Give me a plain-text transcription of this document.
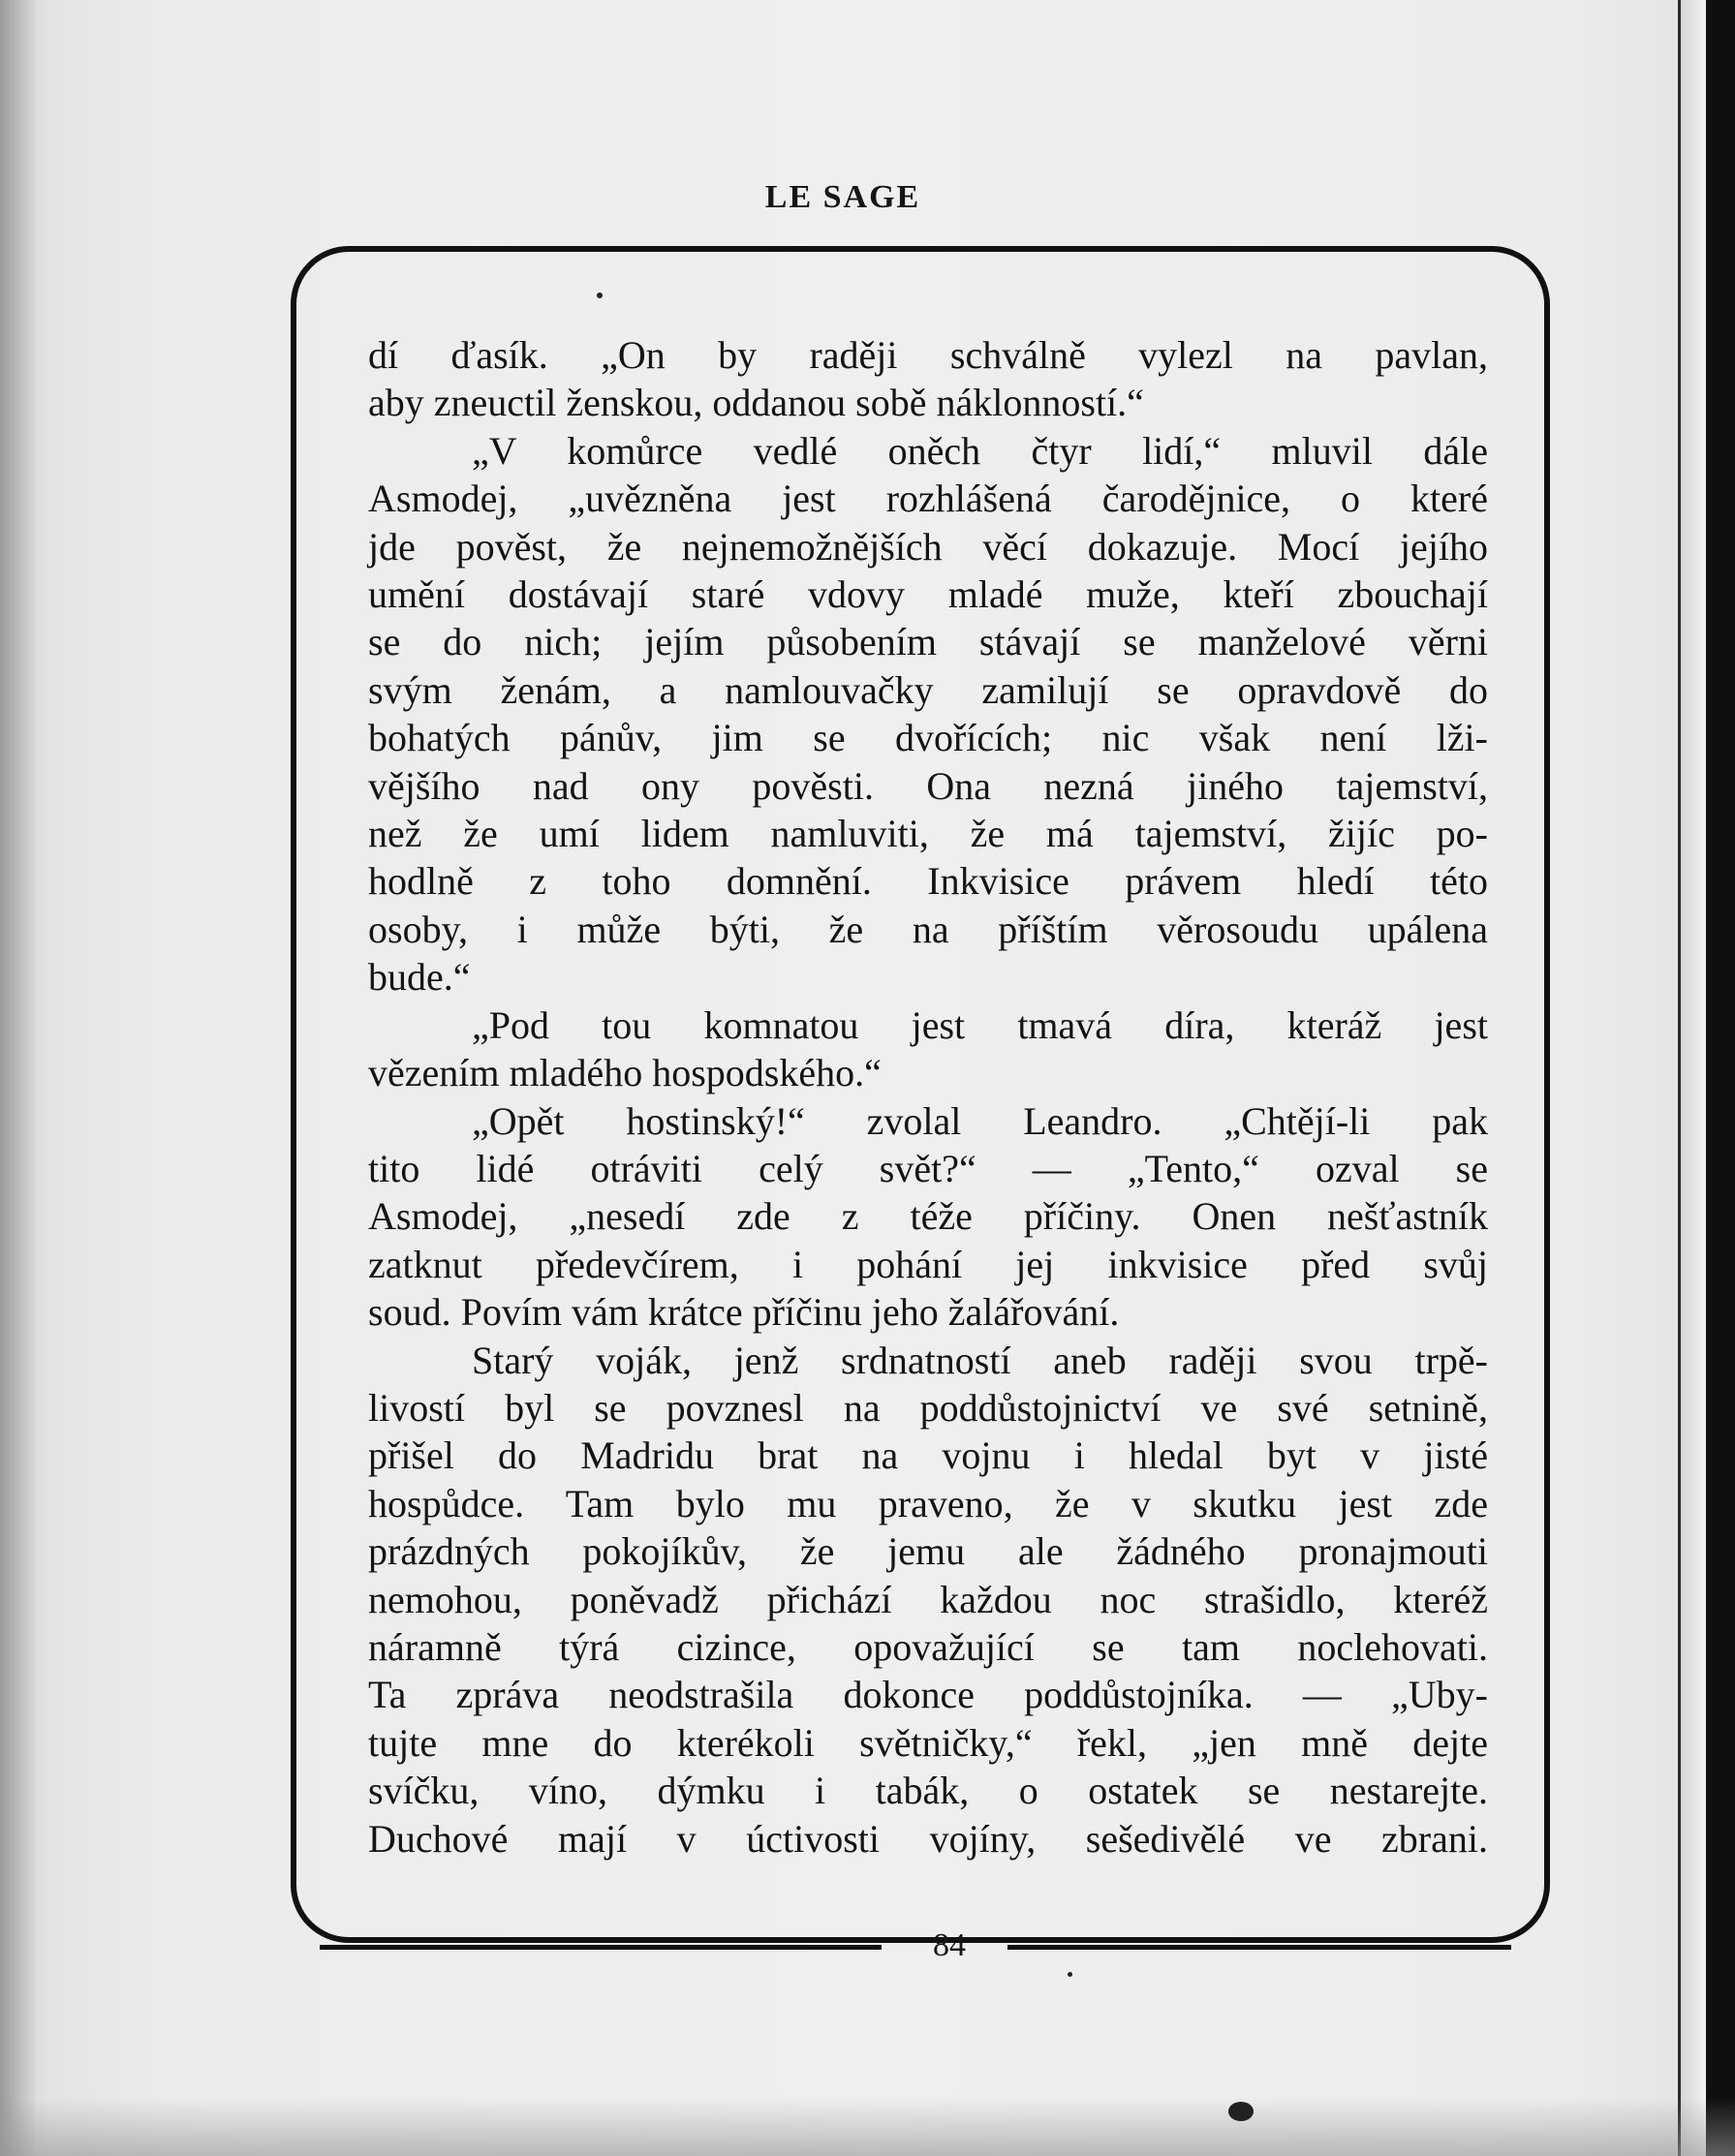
LE SAGE
dí ďasík. „On by raději schválně vylezl na pavlan,
aby zneuctil ženskou, oddanou sobě náklonností.“
„V komůrce vedlé oněch čtyr lidí,“ mluvil dále
Asmodej, „uvězněna jest rozhlášená čarodějnice, o které
jde pověst, že nejnemožnějších věcí dokazuje. Mocí jejího
umění dostávají staré vdovy mladé muže, kteří zbouchají
se do nich; jejím působením stávají se manželové věrni
svým ženám, a namlouvačky zamilují se opravdově do
bohatých pánův, jim se dvořících; nic však není lži-
vějšího nad ony pověsti. Ona nezná jiného tajemství,
než že umí lidem namluviti, že má tajemství, žijíc po-
hodlně z toho domnění. Inkvisice právem hledí této
osoby, i může býti, že na příštím věrosoudu upálena
bude.“
„Pod tou komnatou jest tmavá díra, kteráž jest
vězením mladého hospodského.“
„Opět hostinský!“ zvolal Leandro. „Chtějí-li pak
tito lidé otráviti celý svět?“ — „Tento,“ ozval se
Asmodej, „nesedí zde z téže příčiny. Onen nešťastník
zatknut předevčírem, i pohání jej inkvisice před svůj
soud. Povím vám krátce příčinu jeho žalářování.
Starý voják, jenž srdnatností aneb raději svou trpě-
livostí byl se povznesl na poddůstojnictví ve své setnině,
přišel do Madridu brat na vojnu i hledal byt v jisté
hospůdce. Tam bylo mu praveno, že v skutku jest zde
prázdných pokojíkův, že jemu ale žádného pronajmouti
nemohou, poněvadž přichází každou noc strašidlo, kteréž
náramně týrá cizince, opovažující se tam noclehovati.
Ta zpráva neodstrašila dokonce poddůstojníka. — „Uby-
tujte mne do kterékoli světničky,“ řekl, „jen mně dejte
svíčku, víno, dýmku i tabák, o ostatek se nestarejte.
Duchové mají v úctivosti vojíny, sešedivělé ve zbrani.
84
